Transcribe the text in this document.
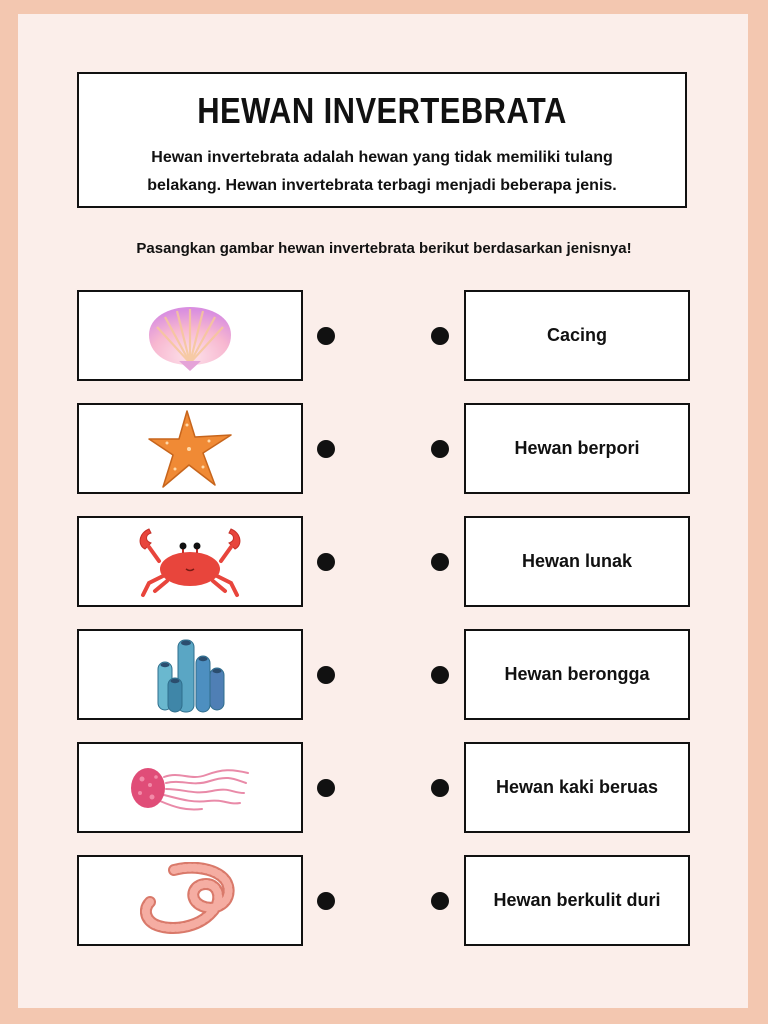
HEWAN INVERTEBRATA
Hewan invertebrata adalah hewan yang tidak memiliki tulang
belakang. Hewan invertebrata terbagi menjadi beberapa jenis.
Pasangkan gambar hewan invertebrata berikut berdasarkan jenisnya!
Cacing
Hewan berpori
Hewan lunak
Hewan berongga
Hewan kaki beruas
Hewan berkulit duri
